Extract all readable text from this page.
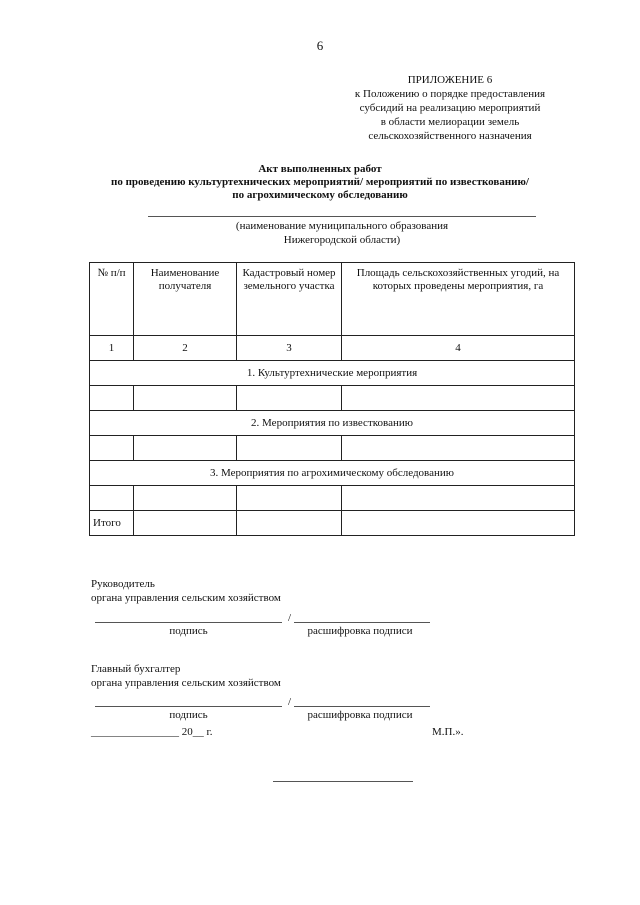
6
ПРИЛОЖЕНИЕ 6
к Положению о порядке предоставления
субсидий на реализацию мероприятий
в области мелиорации земель
сельскохозяйственного назначения
Акт выполненных работ
по проведению культуртехнических мероприятий/ мероприятий по известкованию/
по агрохимическому обследованию
(наименование муниципального образования
Нижегородской области)
№ п/п	Наименование получателя	Кадастровый номер земельного участка	Площадь сельскохозяйственных угодий, на которых проведены мероприятия, га
1	2	3	4
1. Культуртехнические мероприятия			

2. Мероприятия по известкованию			

3. Мероприятия по агрохимическому обследованию			

Итого			
Руководитель
органа управления сельским хозяйством
/
подпись	расшифровка подписи
Главный бухгалтер
органа управления сельским хозяйством
/
подпись	расшифровка подписи
________________ 20__ г.	М.П.».
